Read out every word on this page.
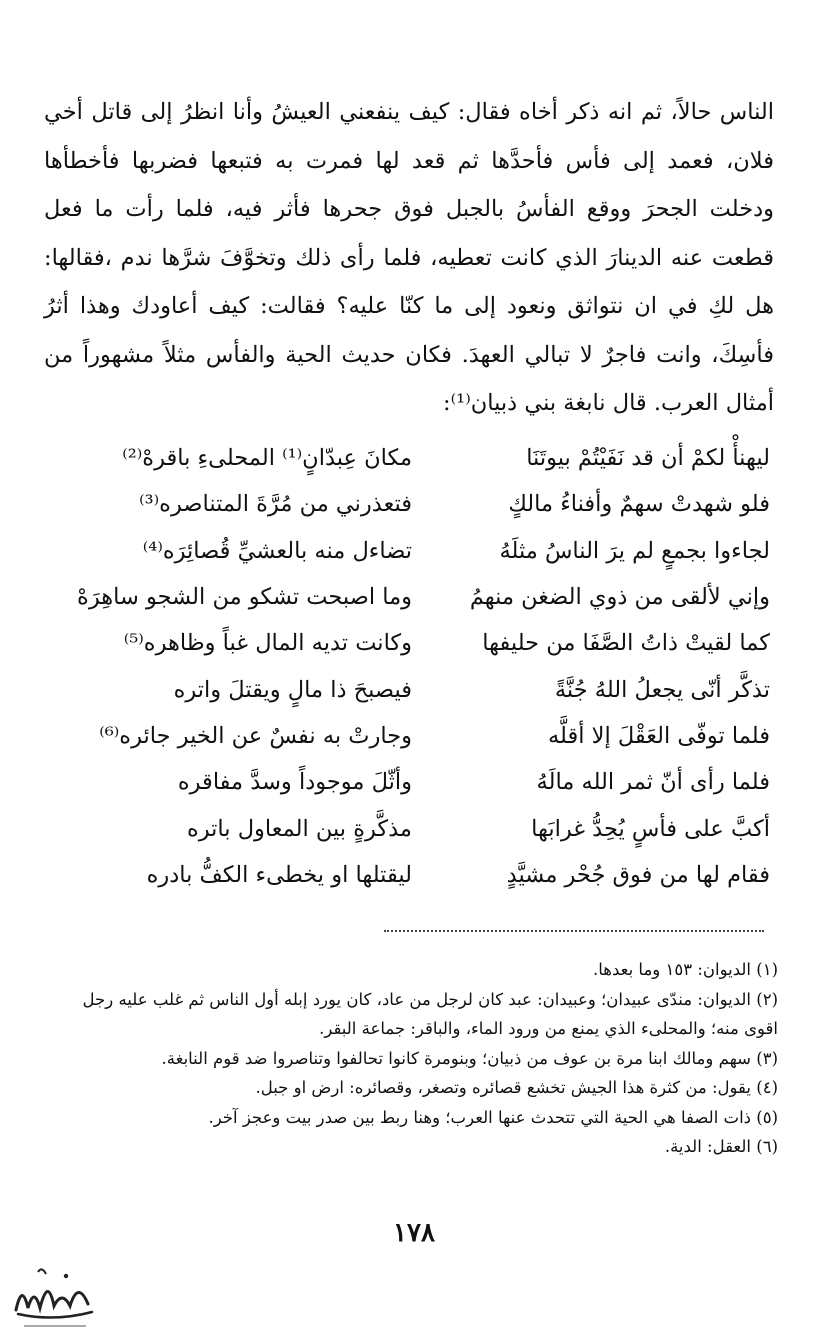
الناس حالاً، ثم انه ذكر أخاه فقال: كيف ينفعني العيشُ وأنا انظرُ إلى قاتل أخي فلان، فعمد إلى فأس فأحدَّها ثم قعد لها فمرت به فتبعها فضربها فأخطأها ودخلت الجحرَ ووقع الفأسُ بالجبل فوق جحرها فأثر فيه، فلما رأت ما فعل قطعت عنه الدينارَ الذي كانت تعطيه، فلما رأى ذلك وتخوَّفَ شرَّها ندم ،فقالها: هل لكِ في ان نتواثق ونعود إلى ما كنّا عليه؟ فقالت: كيف أعاودك وهذا أثرُ فأسِكَ، وانت فاجرٌ لا تبالي العهدَ. فكان حديث الحية والفأس مثلاً مشهوراً من أمثال العرب. قال نابغة بني ذبيان⁽¹⁾:

ليهنأْ لكمْ أن قد نَفَيْتُمْ بيوتَنَا
مكانَ عِبدّانٍ⁽¹⁾ المحلىءِ باقرهْ⁽²⁾
فلو شهدتْ سهمٌ وأفناءُ مالكٍ
فتعذرني من مُرَّةَ المتناصره⁽³⁾
لجاءوا بجمعٍ لم يرَ الناسُ مثلَهُ
تضاءل منه بالعشيِّ قُصائِرَه⁽⁴⁾
وإني لألقى من ذوي الضغن منهمُ
وما اصبحت تشكو من الشجو ساهِرَهْ
كما لقيتْ ذاتُ الصَّفَا من حليفها
وكانت تديه المال غباً وظاهره⁽⁵⁾
تذكَّر أنّى يجعلُ اللهُ جُنَّةً
فيصبحَ ذا مالٍ ويقتلَ واتره
فلما توفّى العَقْلَ إلا أقلَّه
وجارتْ به نفسٌ عن الخير جائره⁽⁶⁾
فلما رأى أنّ ثمر الله مالَهُ
وأثّلَ موجوداً وسدَّ مفاقره
أكبَّ على فأسٍ يُحِدُّ غرابَها
مذكَّرةٍ بين المعاول باتره
فقام لها من فوق جُحْر مشيَّدٍ
ليقتلها او يخطىء الكفُّ بادره

(١) الديوان: ١٥٣ وما بعدها.

(٢) الديوان: مندّى عبيدان؛ وعبيدان: عبد كان لرجل من عاد، كان يورد إبله أول الناس ثم غلب عليه رجل اقوى منه؛ والمحلىء الذي يمنع من ورود الماء، والباقر: جماعة البقر.

(٣) سهم ومالك ابنا مرة بن عوف من ذبيان؛ وبنومرة كانوا تحالفوا وتناصروا ضد قوم النابغة.

(٤) يقول: من كثرة هذا الجيش تخشع قصائره وتصغر، وقصائره: ارض او جبل.

(٥) ذات الصفا هي الحية التي تتحدث عنها العرب؛ وهنا ربط بين صدر بيت وعجز آخر.

(٦) العقل: الدية.

١٧٨
